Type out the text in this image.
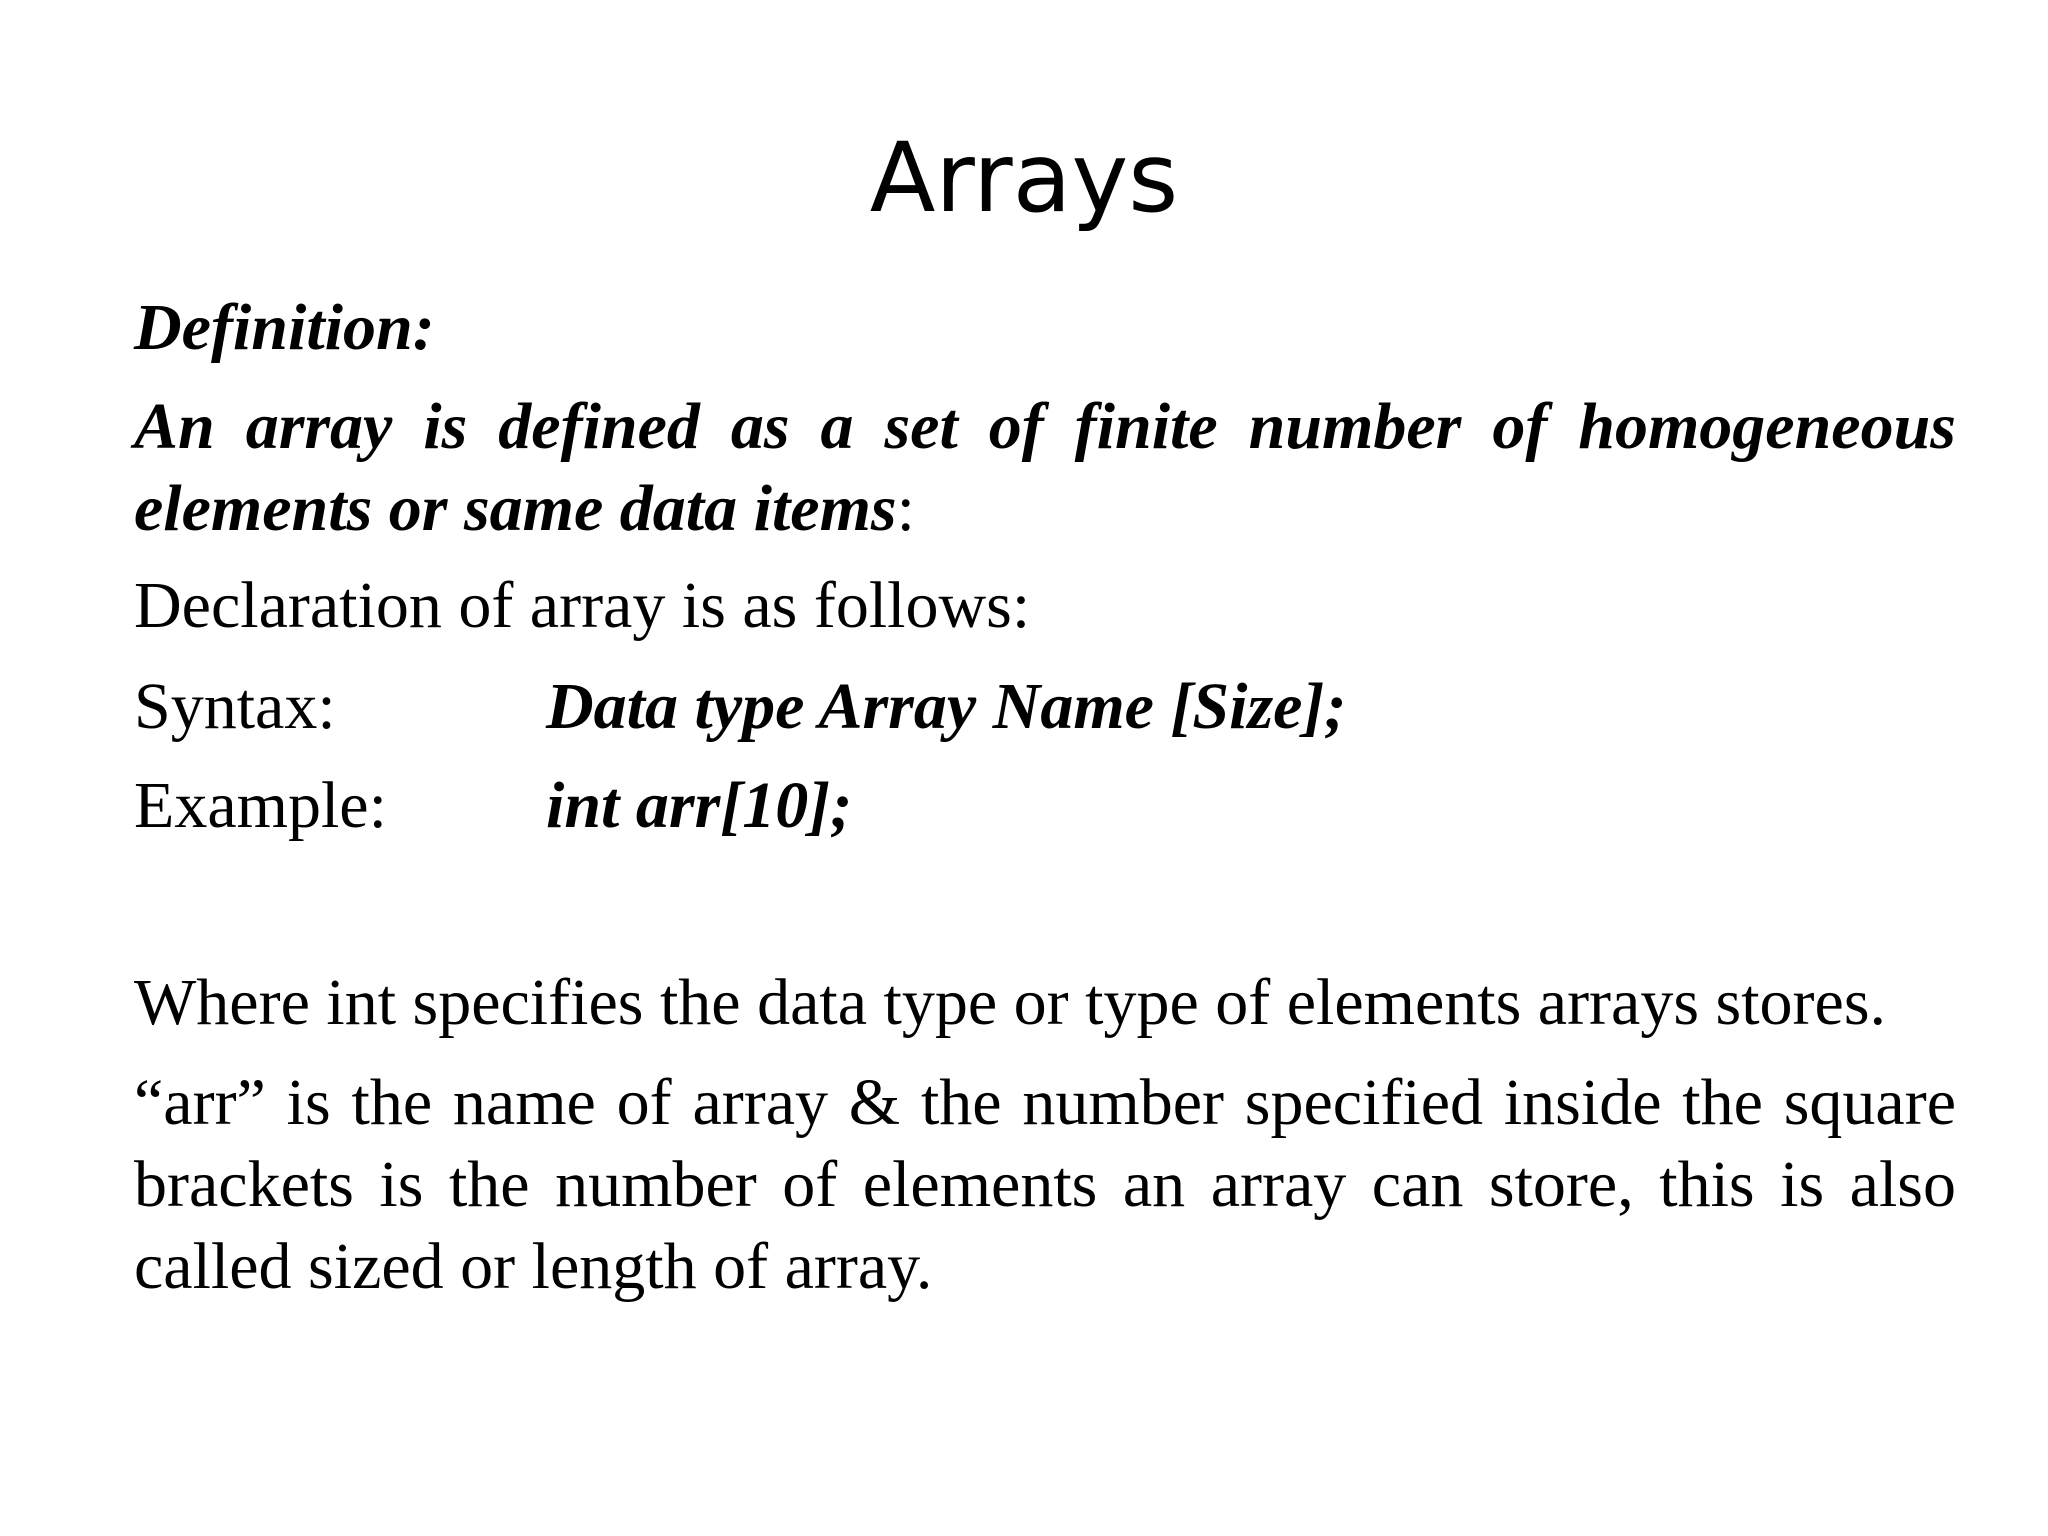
Arrays

Definition:

An array is defined as a set of finite number of homogeneous elements or same data items:

Declaration of array is as follows:

Syntax:	Data type Array Name [Size];
Example: int arr[10];

Where int specifies the data type or type of elements arrays stores.

“arr” is the name of array & the number specified inside the square brackets is the number of elements an array can store, this is also called sized or length of array.
